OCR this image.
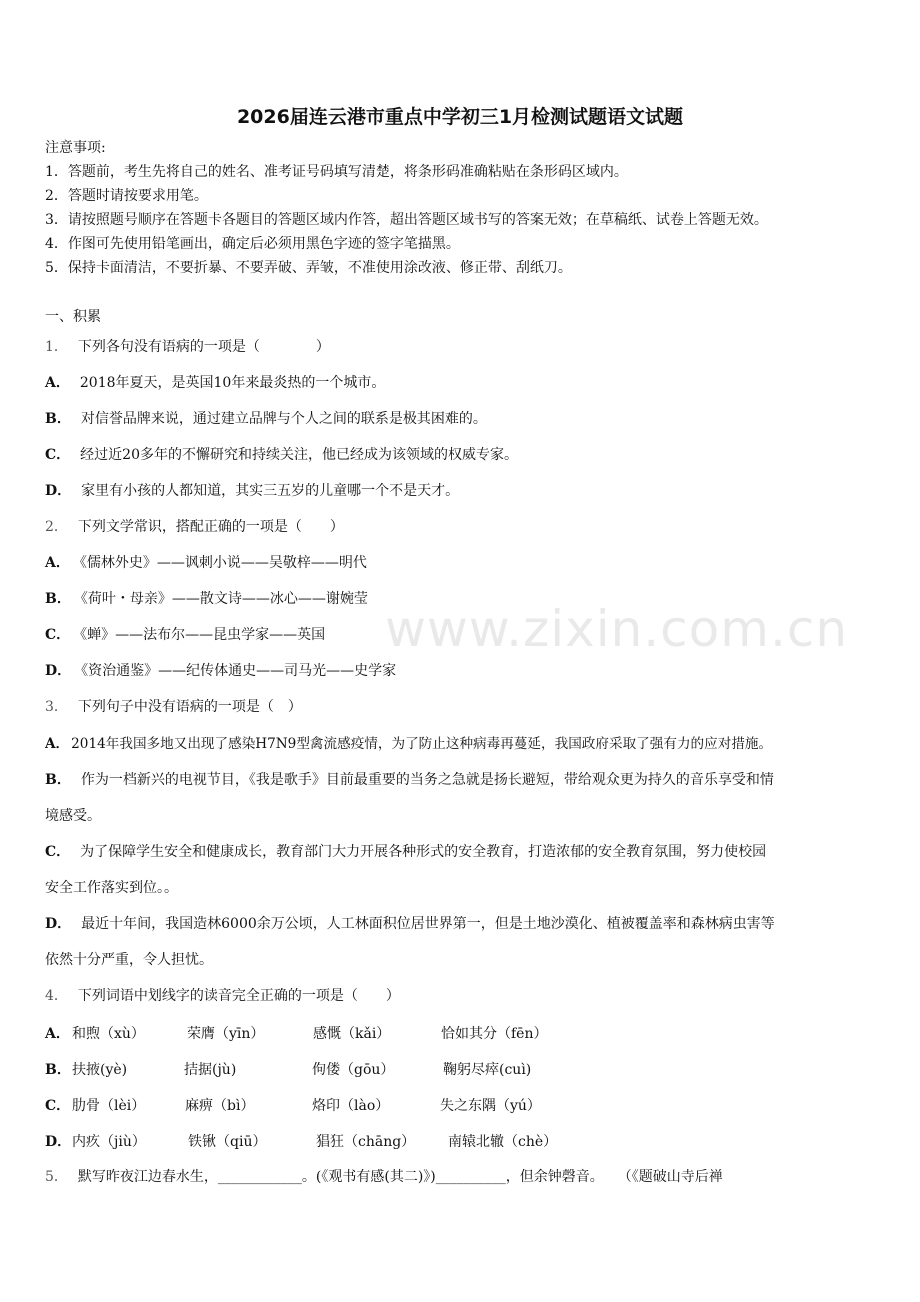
2026届连云港市重点中学初三1月检测试题语文试题
注意事项:
1．答题前，考生先将自己的姓名、准考证号码填写清楚，将条形码准确粘贴在条形码区域内。
2．答题时请按要求用笔。
3．请按照题号顺序在答题卡各题目的答题区域内作答，超出答题区域书写的答案无效；在草稿纸、试卷上答题无效。
4．作图可先使用铅笔画出，确定后必须用黑色字迹的签字笔描黑。
5．保持卡面清洁，不要折暴、不要弄破、弄皱，不准使用涂改液、修正带、刮纸刀。
一、积累
1． 下列各句没有语病的一项是（　　　　）
A． 2018年夏天，是英国10年来最炎热的一个城市。
B． 对信誉品牌来说，通过建立品牌与个人之间的联系是极其困难的。
C． 经过近20多年的不懈研究和持续关注，他已经成为该领域的权威专家。
D． 家里有小孩的人都知道，其实三五岁的儿童哪一个不是天才。
2． 下列文学常识，搭配正确的一项是（　　）
A． 《儒林外史》——讽刺小说——吴敬梓——明代
B． 《荷叶・母亲》——散文诗——冰心——谢婉莹
C． 《蝉》——法布尔——昆虫学家——英国
D． 《资治通鉴》——纪传体通史——司马光——史学家
3． 下列句子中没有语病的一项是（　）
A． 2014年我国多地又出现了感染H7N9型禽流感疫情，为了防止这种病毒再蔓延，我国政府采取了强有力的应对措施。
B． 作为一档新兴的电视节目，《我是歌手》目前最重要的当务之急就是扬长避短，带给观众更为持久的音乐享受和情
境感受。
C． 为了保障学生安全和健康成长，教育部门大力开展各种形式的安全教育，打造浓郁的安全教育氛围，努力使校园
安全工作落实到位。。
D． 最近十年间，我国造林6000余万公顷，人工林面积位居世界第一，但是土地沙漠化、植被覆盖率和森林病虫害等
依然十分严重，令人担忧。
4． 下列词语中划线字的读音完全正确的一项是（　　）
A． 和煦（xù）	荣膺（yīn）	感慨（kǎi）	恰如其分（fēn）
B． 扶掖(yè)	拮据(jù)	佝偻（gōu）	鞠躬尽瘁(cuì)
C． 肋骨（lèi）	麻痹（bì）	烙印（lào）	失之东隅（yú）
D． 内疚（jiù）	铁锹（qiū）	猖狂（chāng） 南辕北辙（chè）
5． 默写昨夜江边春水生，____________。(《观书有感(其二)》)__________，但余钟磬音。　　（《题破山寺后禅
www.zixin.com.cn
